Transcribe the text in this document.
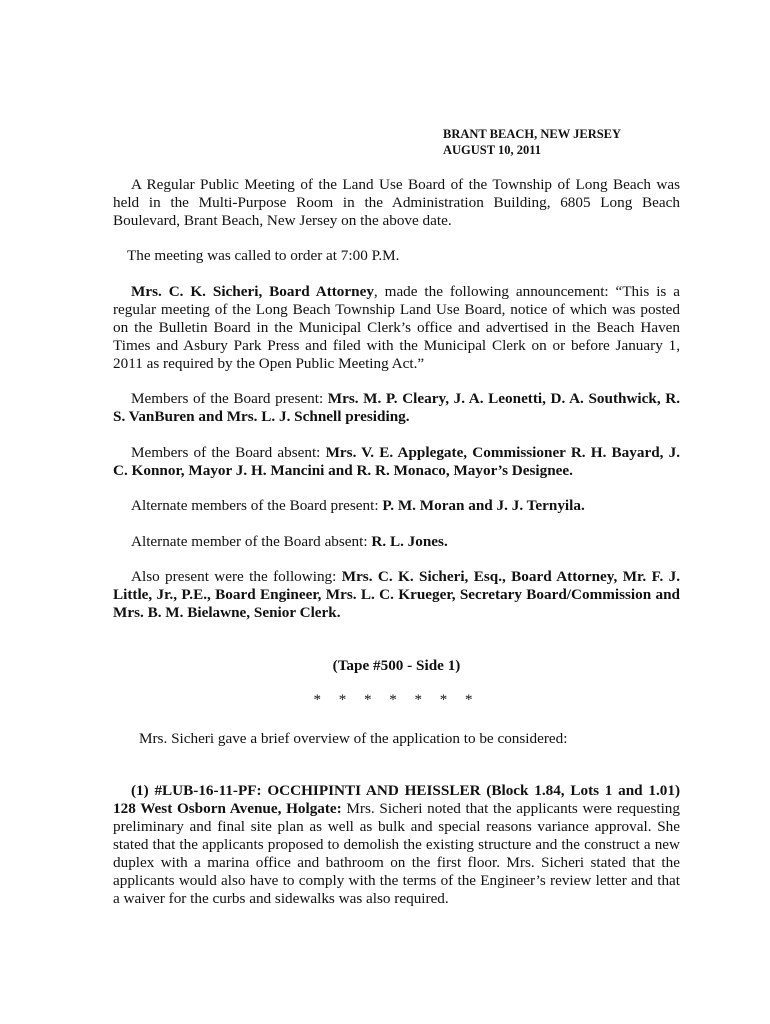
BRANT BEACH, NEW JERSEY
AUGUST 10, 2011
A Regular Public Meeting of the Land Use Board of the Township of Long Beach was held in the Multi-Purpose Room in the Administration Building, 6805 Long Beach Boulevard, Brant Beach, New Jersey on the above date.
The meeting was called to order at 7:00 P.M.
Mrs. C. K. Sicheri, Board Attorney, made the following announcement: “This is a regular meeting of the Long Beach Township Land Use Board, notice of which was posted on the Bulletin Board in the Municipal Clerk’s office and advertised in the Beach Haven Times and Asbury Park Press and filed with the Municipal Clerk on or before January 1, 2011 as required by the Open Public Meeting Act.”
Members of the Board present: Mrs. M. P. Cleary, J. A. Leonetti, D. A. Southwick, R. S. VanBuren and Mrs. L. J. Schnell presiding.
Members of the Board absent: Mrs. V. E. Applegate, Commissioner R. H. Bayard, J. C. Konnor, Mayor J. H. Mancini and R. R. Monaco, Mayor’s Designee.
Alternate members of the Board present: P. M. Moran and J. J. Ternyila.
Alternate member of the Board absent: R. L. Jones.
Also present were the following: Mrs. C. K. Sicheri, Esq., Board Attorney, Mr. F. J. Little, Jr., P.E., Board Engineer, Mrs. L. C. Krueger, Secretary Board/Commission and Mrs. B. M. Bielawne, Senior Clerk.
(Tape #500 - Side 1)
* * * * * * *
Mrs. Sicheri gave a brief overview of the application to be considered:
(1) #LUB-16-11-PF: OCCHIPINTI AND HEISSLER (Block 1.84, Lots 1 and 1.01) 128 West Osborn Avenue, Holgate: Mrs. Sicheri noted that the applicants were requesting preliminary and final site plan as well as bulk and special reasons variance approval. She stated that the applicants proposed to demolish the existing structure and the construct a new duplex with a marina office and bathroom on the first floor. Mrs. Sicheri stated that the applicants would also have to comply with the terms of the Engineer’s review letter and that a waiver for the curbs and sidewalks was also required.
